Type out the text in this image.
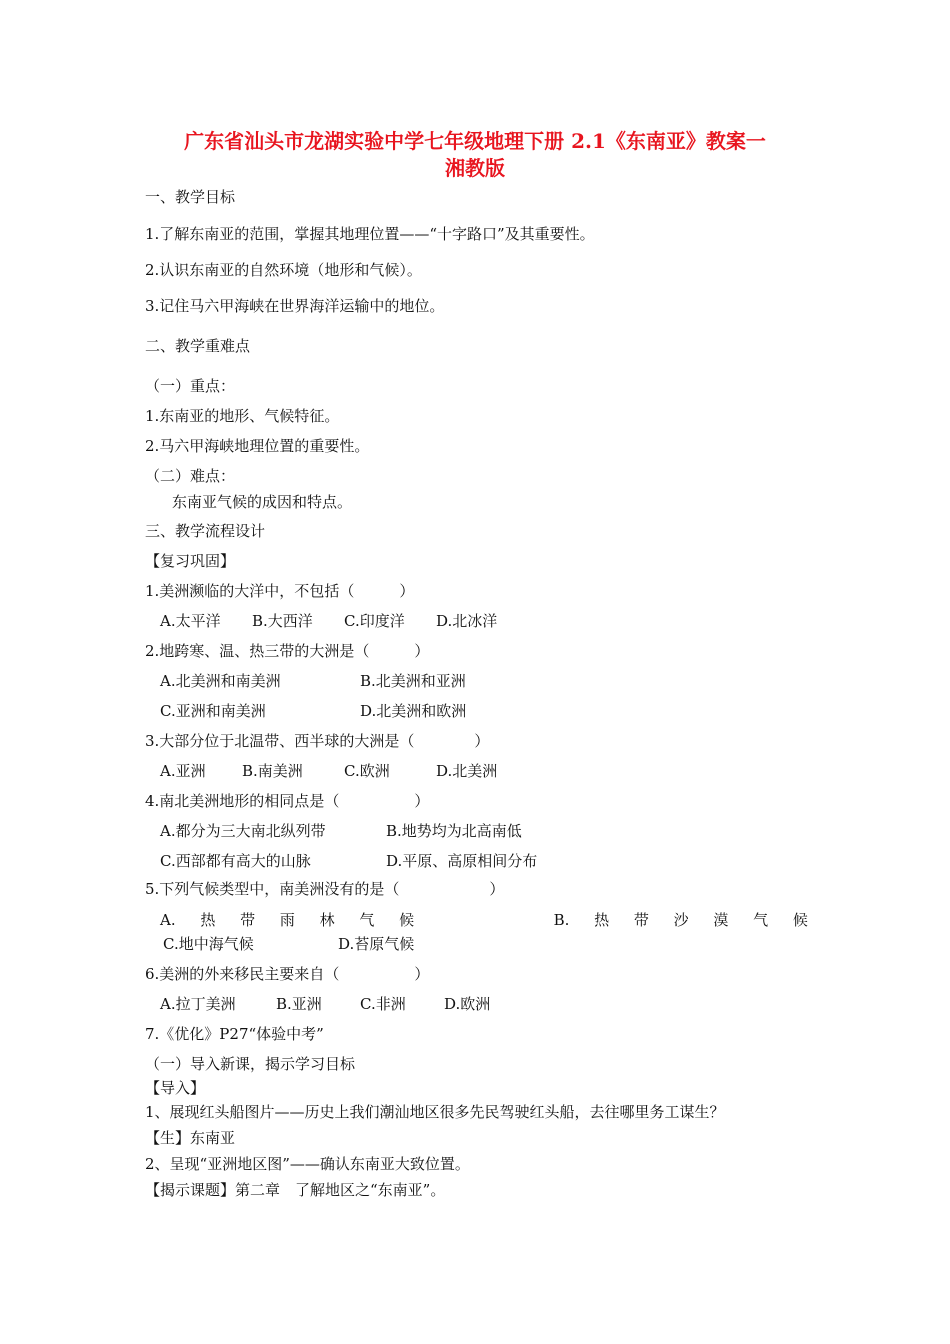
广东省汕头市龙湖实验中学七年级地理下册 2.1《东南亚》教案一
湘教版
一、教学目标
1.了解东南亚的范围，掌握其地理位置——“十字路口”及其重要性。
2.认识东南亚的自然环境（地形和气候）。
3.记住马六甲海峡在世界海洋运输中的地位。
二、教学重难点
（一）重点：
1.东南亚的地形、气候特征。
2.马六甲海峡地理位置的重要性。
（二）难点：
东南亚气候的成因和特点。
三、教学流程设计
【复习巩固】
1.美洲濒临的大洋中，不包括（　　　）
A.太平洋 B.大西洋 C.印度洋 D.北冰洋
2.地跨寒、温、热三带的大洲是（　　　）
A.北美洲和南美洲	B.北美洲和亚洲
C.亚洲和南美洲	D.北美洲和欧洲
3.大部分位于北温带、西半球的大洲是（　　　　）
A.亚洲 B.南美洲	C.欧洲	D.北美洲
4.南北美洲地形的相同点是（　　　　　）
A.都分为三大南北纵列带	B.地势均为北高南低
C.西部都有高大的山脉	D.平原、高原相间分布
5.下列气候类型中，南美洲没有的是（　　　　　　）
A. 热 带 雨 林 气 候
　　　　　　	B. 热 带 沙 漠 气 候
C.地中海气候	D.苔原气候
6.美洲的外来移民主要来自（　　　　　）
A.拉丁美洲	B.亚洲	C.非洲	D.欧洲
7.《优化》P27“体验中考”
（一）导入新课，揭示学习目标
【导入】
1、展现红头船图片——历史上我们潮汕地区很多先民驾驶红头船，去往哪里务工谋生？
【生】东南亚
2、呈现“亚洲地区图”——确认东南亚大致位置。
【揭示课题】第二章　了解地区之“东南亚”。
